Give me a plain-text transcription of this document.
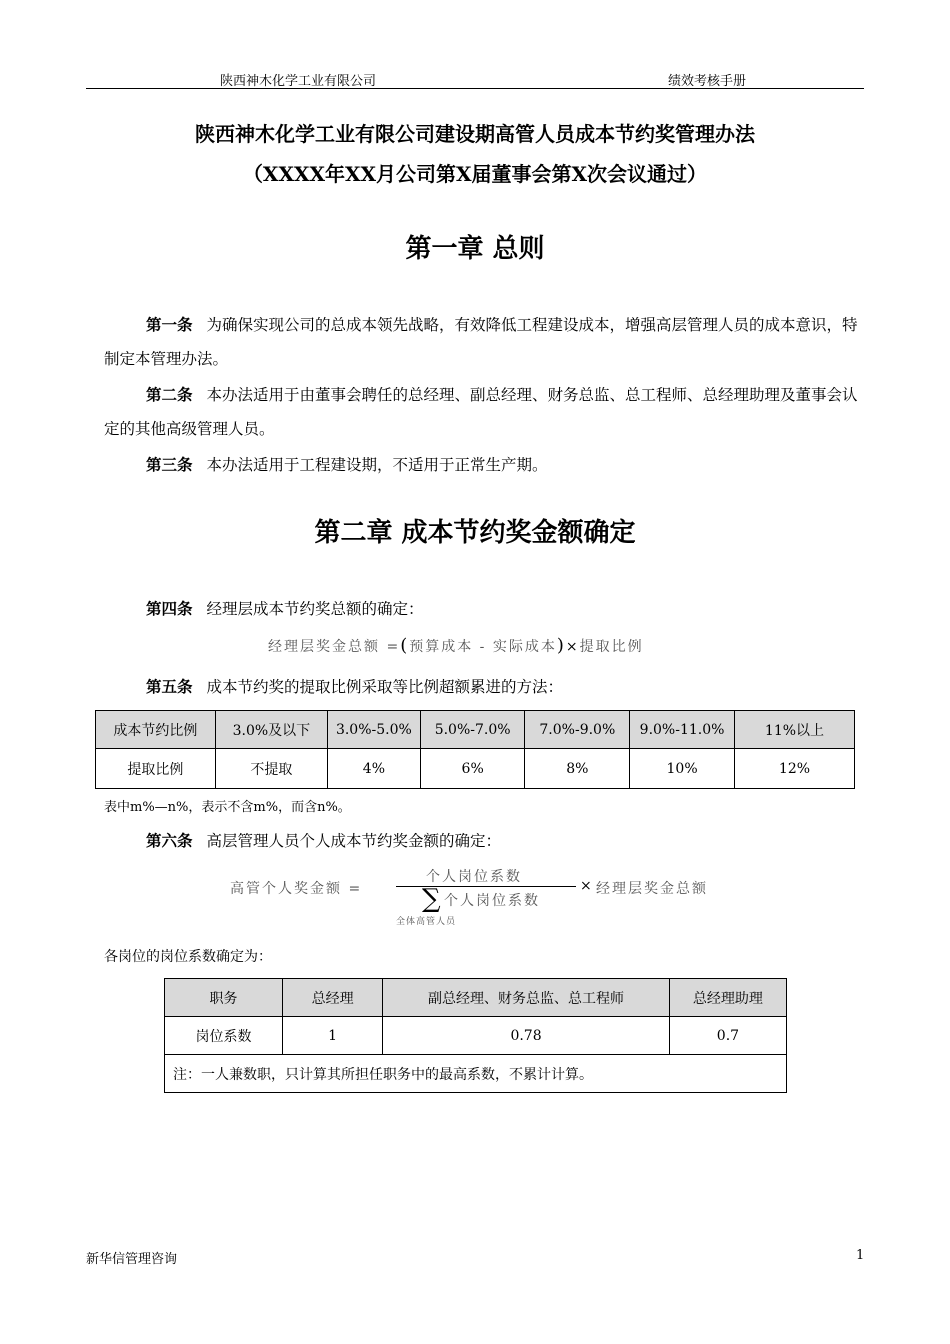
陕西神木化学工业有限公司	绩效考核手册
陕西神木化学工业有限公司建设期高管人员成本节约奖管理办法
（XXXX年XX月公司第X届董事会第X次会议通过）
第一章 总则
第一条 为确保实现公司的总成本领先战略，有效降低工程建设成本，增强高层管理人员的成本意识，特制定本管理办法。
第二条 本办法适用于由董事会聘任的总经理、副总经理、财务总监、总工程师、总经理助理及董事会认定的其他高级管理人员。
第三条 本办法适用于工程建设期，不适用于正常生产期。
第二章 成本节约奖金额确定
第四条 经理层成本节约奖总额的确定：
经理层奖金总额 =(预算成本 - 实际成本)×提取比例
第五条 成本节约奖的提取比例采取等比例超额累进的方法：
成本节约比例	3.0%及以下	3.0%-5.0%	5.0%-7.0%	7.0%-9.0%	9.0%-11.0%	11%以上
提取比例	不提取	4%	6%	8%	10%	12%
表中m%—n%，表示不含m%，而含n%。
第六条 高层管理人员个人成本节约奖金额的确定：
高管个人奖金额 =
个人岗位系数
∑ 个人岗位系数
全体高管人员
× 经理层奖金总额
各岗位的岗位系数确定为：
职务	总经理	副总经理、财务总监、总工程师	总经理助理
岗位系数	1	0.78	0.7
注：一人兼数职，只计算其所担任职务中的最高系数，不累计计算。			
新华信管理咨询	1
